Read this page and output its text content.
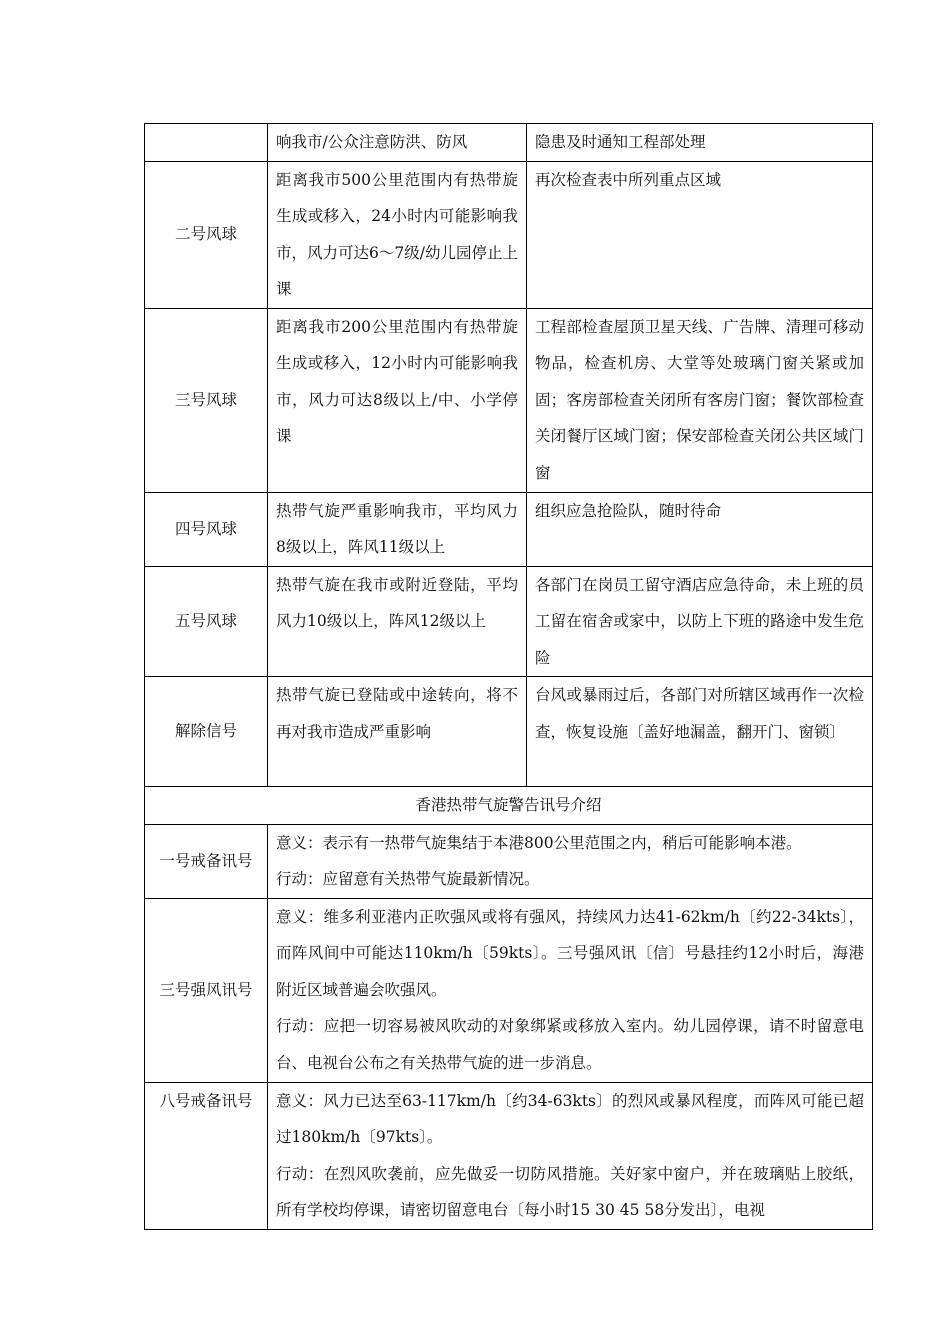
	响我市/公众注意防洪、防风	隐患及时通知工程部处理
二号风球	距离我市500公里范围内有热带旋生成或移入，24小时内可能影响我市，风力可达6～7级/幼儿园停止上课	再次检查表中所列重点区域
三号风球	距离我市200公里范围内有热带旋生成或移入，12小时内可能影响我市，风力可达8级以上/中、小学停课	工程部检查屋顶卫星天线、广告牌、清理可移动物品，检查机房、大堂等处玻璃门窗关紧或加固；客房部检查关闭所有客房门窗；餐饮部检查关闭餐厅区域门窗；保安部检查关闭公共区域门窗
四号风球	热带气旋严重影响我市，平均风力8级以上，阵风11级以上	组织应急抢险队，随时待命
五号风球	热带气旋在我市或附近登陆，平均风力10级以上，阵风12级以上	各部门在岗员工留守酒店应急待命，未上班的员工留在宿舍或家中，以防上下班的路途中发生危险
解除信号	热带气旋已登陆或中途转向，将不再对我市造成严重影响	台风或暴雨过后，各部门对所辖区域再作一次检查，恢复设施〔盖好地漏盖，翻开门、窗锁〕
香港热带气旋警告讯号介绍		
一号戒备讯号	意义：表示有一热带气旋集结于本港800公里范围之内，稍后可能影响本港。
行动：应留意有关热带气旋最新情况。	

三号强风讯号	意义：维多利亚港内正吹强风或将有强风，持续风力达41-62km/h〔约22-34kts〕，而阵风间中可能达110km/h〔59kts〕。三号强风讯〔信〕号悬挂约12小时后，海港附近区域普遍会吹强风。
行动：应把一切容易被风吹动的对象绑紧或移放入室内。幼儿园停课，请不时留意电台、电视台公布之有关热带气旋的进一步消息。	

八号戒备讯号	意义：风力已达至63-117km/h〔约34-63kts〕的烈风或暴风程度，而阵风可能已超过180km/h〔97kts〕。
行动：在烈风吹袭前，应先做妥一切防风措施。关好家中窗户，并在玻璃贴上胶纸，所有学校均停课，请密切留意电台〔每小时15 30 45 58分发出〕，电视	
